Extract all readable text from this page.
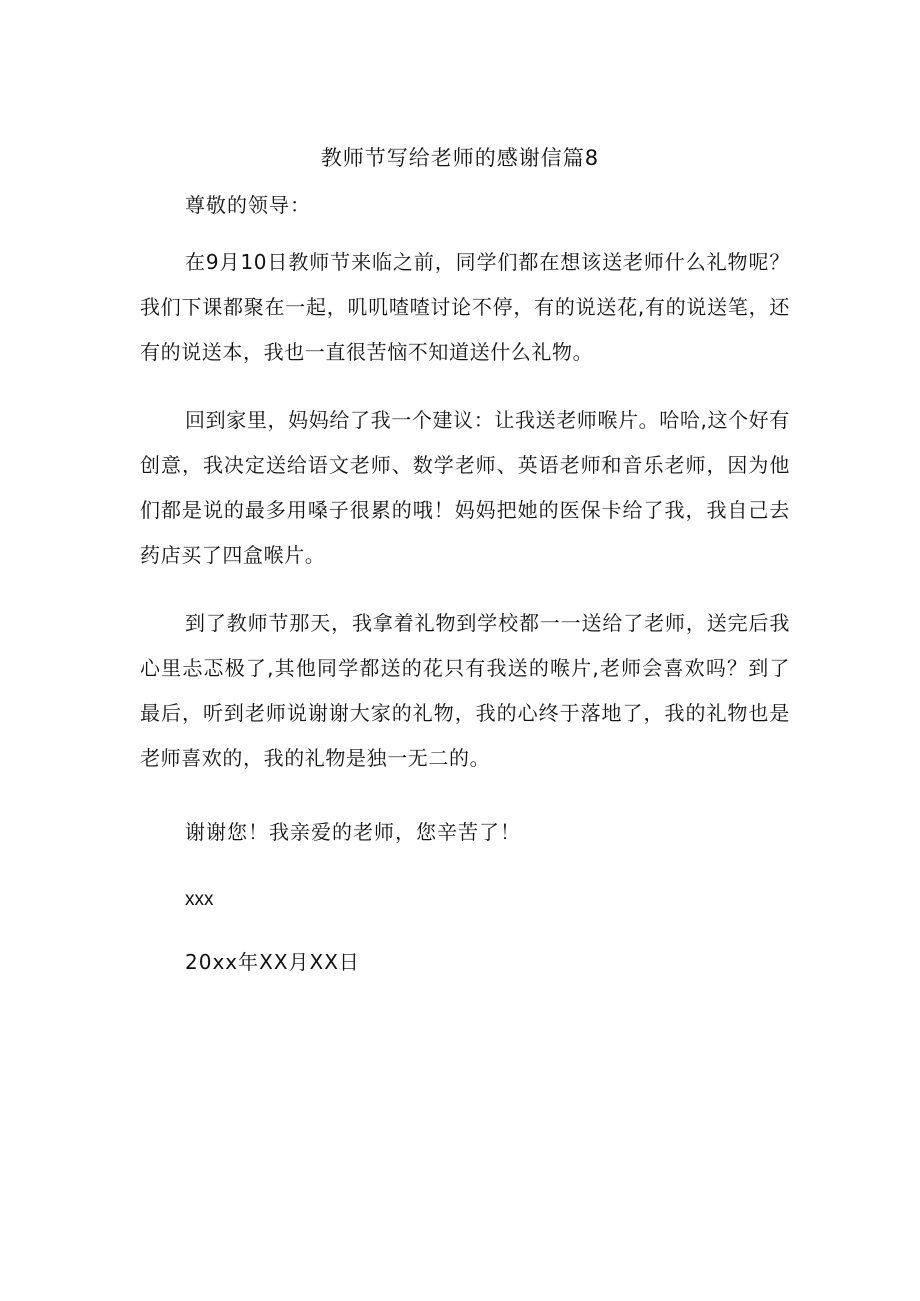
教师节写给老师的感谢信篇8
尊敬的领导：

在9月10日教师节来临之前，同学们都在想该送老师什么礼物呢？我们下课都聚在一起，叽叽喳喳讨论不停，有的说送花,有的说送笔，还有的说送本，我也一直很苦恼不知道送什么礼物。

回到家里，妈妈给了我一个建议：让我送老师喉片。哈哈,这个好有创意，我决定送给语文老师、数学老师、英语老师和音乐老师，因为他们都是说的最多用嗓子很累的哦！妈妈把她的医保卡给了我，我自己去药店买了四盒喉片。

到了教师节那天，我拿着礼物到学校都一一送给了老师，送完后我心里忐忑极了,其他同学都送的花只有我送的喉片,老师会喜欢吗？到了最后，听到老师说谢谢大家的礼物，我的心终于落地了，我的礼物也是老师喜欢的，我的礼物是独一无二的。

谢谢您！我亲爱的老师，您辛苦了！
xxx
20xx年XX月XX日
